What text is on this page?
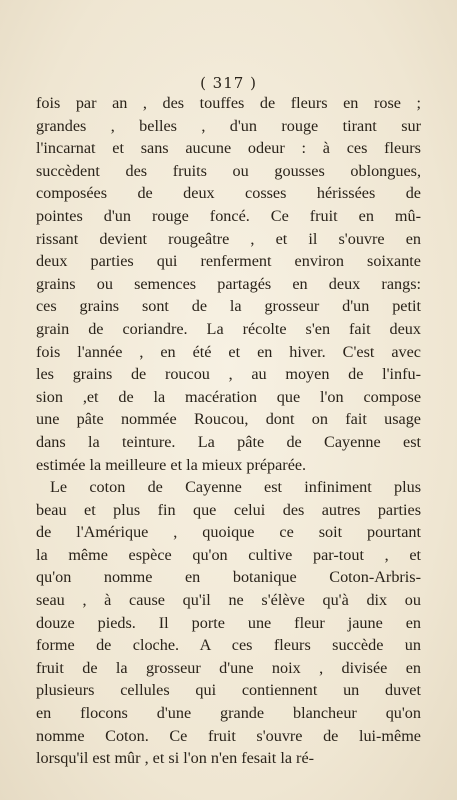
( 317 )
fois par an , des touffes de fleurs en rose ;
grandes , belles , d'un rouge tirant sur
l'incarnat et sans aucune odeur : à ces fleurs
succèdent des fruits ou gousses oblongues,
composées de deux cosses hérissées de
pointes d'un rouge foncé. Ce fruit en mû-
rissant devient rougeâtre , et il s'ouvre en
deux parties qui renferment environ soixante
grains ou semences partagés en deux rangs:
ces grains sont de la grosseur d'un petit
grain de coriandre. La récolte s'en fait deux
fois l'année , en été et en hiver. C'est avec
les grains de roucou , au moyen de l'infu-
sion ,et de la macération que l'on compose
une pâte nommée Roucou, dont on fait usage
dans la teinture. La pâte de Cayenne est
estimée la meilleure et la mieux préparée.
Le coton de Cayenne est infiniment plus
beau et plus fin que celui des autres parties
de l'Amérique , quoique ce soit pourtant
la même espèce qu'on cultive par-tout , et
qu'on nomme en botanique Coton-Arbris-
seau , à cause qu'il ne s'élève qu'à dix ou
douze pieds. Il porte une fleur jaune en
forme de cloche. A ces fleurs succède un
fruit de la grosseur d'une noix , divisée en
plusieurs cellules qui contiennent un duvet
en flocons d'une grande blancheur qu'on
nomme Coton. Ce fruit s'ouvre de lui-même
lorsqu'il est mûr , et si l'on n'en fesait la ré-
